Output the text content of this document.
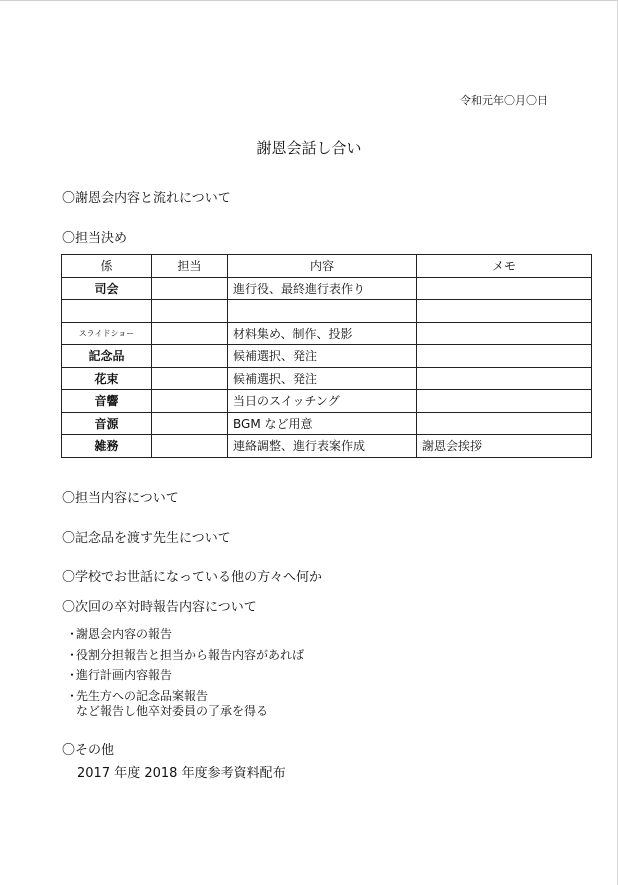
令和元年〇月〇日
謝恩会話し合い
〇謝恩会内容と流れについて
〇担当決め
係	担当	内容	メモ
司会		進行役、最終進行表作り	

スライドショー		材料集め、制作、投影	
記念品		候補選択、発注	
花束		候補選択、発注	
音響		当日のスイッチング	
音源		BGM など用意	
雑務		連絡調整、進行表案作成	謝恩会挨拶
〇担当内容について
〇記念品を渡す先生について
〇学校でお世話になっている他の方々へ何か
〇次回の卒対時報告内容について
・謝恩会内容の報告
・役割分担報告と担当から報告内容があれば
・進行計画内容報告
・先生方への記念品案報告
など報告し他卒対委員の了承を得る
〇その他
2017 年度 2018 年度参考資料配布
